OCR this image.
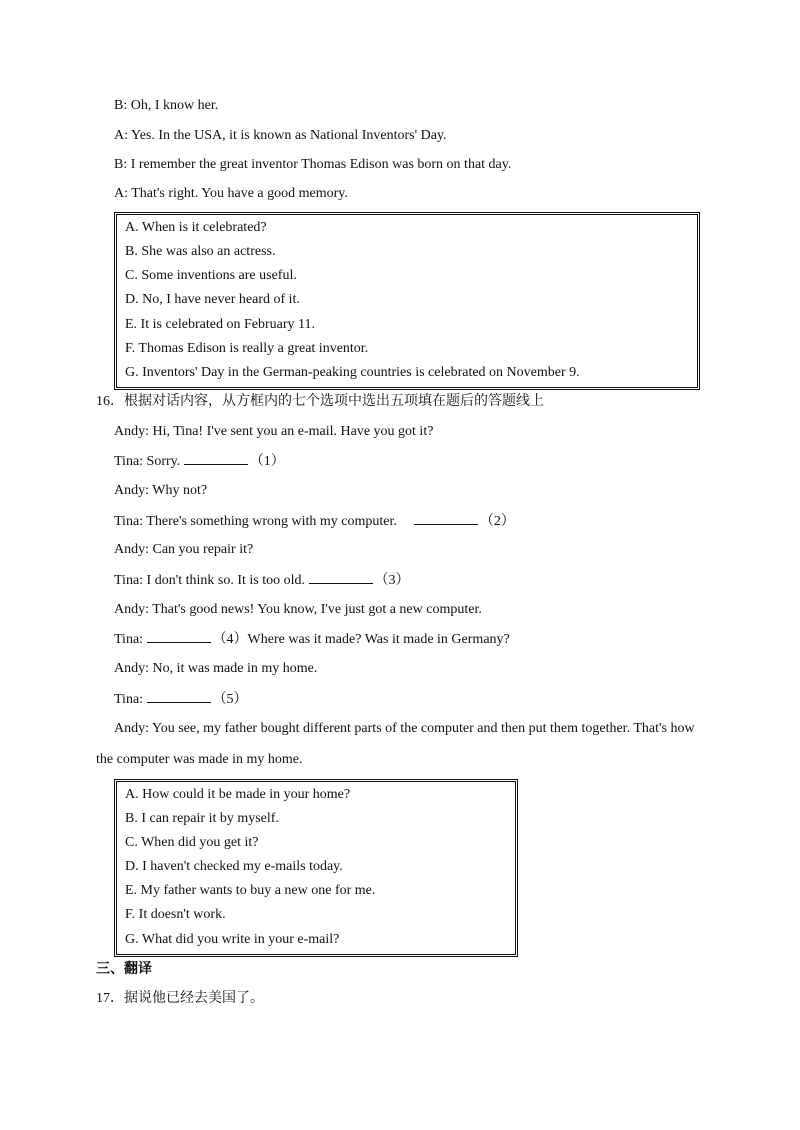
B: Oh, I know her.
A: Yes. In the USA, it is known as National Inventors' Day.
B: I remember the great inventor Thomas Edison was born on that day.
A: That's right. You have a good memory.
A. When is it celebrated?
B. She was also an actress.
C. Some inventions are useful.
D. No, I have never heard of it.
E. It is celebrated on February 11.
F. Thomas Edison is really a great inventor.
G. Inventors' Day in the German-peaking countries is celebrated on November 9.
16．根据对话内容，从方框内的七个选项中选出五项填在题后的答题线上
Andy: Hi, Tina! I've sent you an e-mail. Have you got it?
Tina: Sorry.	（1）
Andy: Why not?
Tina: There's something wrong with my computer.	（2）
Andy: Can you repair it?
Tina: I don't think so. It is too old.	（3）
Andy: That's good news! You know, I've just got a new computer.
Tina:	（4）Where was it made? Was it made in Germany?
Andy: No, it was made in my home.
Tina:	（5）
Andy: You see, my father bought different parts of the computer and then put them together. That's how
the computer was made in my home.
A. How could it be made in your home?
B. I can repair it by myself.
C. When did you get it?
D. I haven't checked my e-mails today.
E. My father wants to buy a new one for me.
F. It doesn't work.
G. What did you write in your e-mail?
三、翻译
17．据说他已经去美国了。
